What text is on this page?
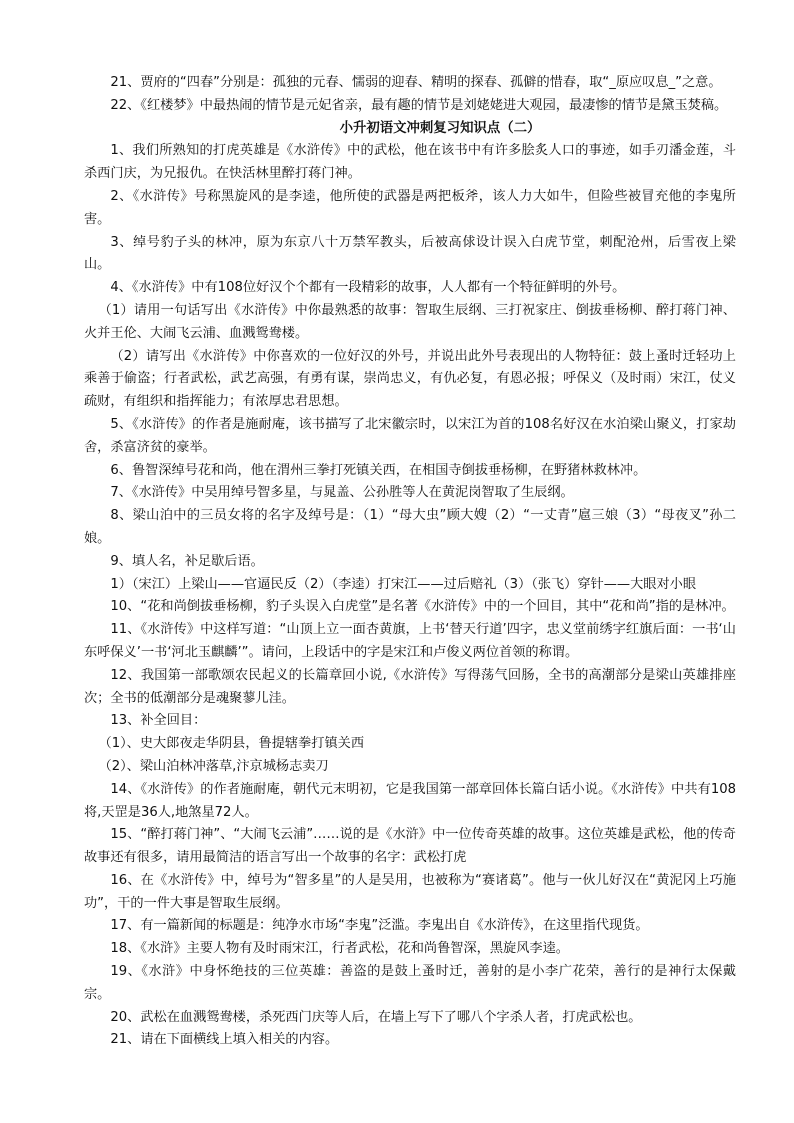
21、贾府的“四春”分别是：孤独的元春、懦弱的迎春、精明的探春、孤僻的惜春，取“_原应叹息_”之意。

22、《红楼梦》中最热闹的情节是元妃省亲，最有趣的情节是刘姥姥进大观园，最凄惨的情节是黛玉焚稿。

小升初语文冲刺复习知识点（二）

1、我们所熟知的打虎英雄是《水浒传》中的武松，他在该书中有许多脍炙人口的事迹，如手刃潘金莲，斗杀西门庆，为兄报仇。在快活林里醉打蒋门神。

2、《水浒传》号称黑旋风的是李逵，他所使的武器是两把板斧，该人力大如牛，但险些被冒充他的李鬼所害。

3、绰号豹子头的林冲，原为东京八十万禁军教头，后被高俅设计误入白虎节堂，刺配沧州，后雪夜上梁山。

4、《水浒传》中有108位好汉个个都有一段精彩的故事，人人都有一个特征鲜明的外号。

（1）请用一句话写出《水浒传》中你最熟悉的故事：智取生辰纲、三打祝家庄、倒拔垂杨柳、醉打蒋门神、火并王伦、大闹飞云浦、血溅鸳鸯楼。

（2）请写出《水浒传》中你喜欢的一位好汉的外号，并说出此外号表现出的人物特征：鼓上蚤时迁轻功上乘善于偷盗；行者武松，武艺高强，有勇有谋，崇尚忠义，有仇必复，有恩必报；呼保义（及时雨）宋江，仗义疏财，有组织和指挥能力；有浓厚忠君思想。

5、《水浒传》的作者是施耐庵，该书描写了北宋徽宗时，以宋江为首的108名好汉在水泊梁山聚义，打家劫舍，杀富济贫的豪举。

6、鲁智深绰号花和尚，他在渭州三拳打死镇关西，在相国寺倒拔垂杨柳，在野猪林救林冲。

7、《水浒传》中吴用绰号智多星，与晁盖、公孙胜等人在黄泥岗智取了生辰纲。

8、梁山泊中的三员女将的名字及绰号是：（1）“母大虫”顾大嫂（2）“一丈青”扈三娘（3）“母夜叉”孙二娘。

9、填人名，补足歇后语。

1）（宋江）上梁山——官逼民反（2）（李逵）打宋江——过后赔礼（3）（张飞）穿针——大眼对小眼

10、“花和尚倒拔垂杨柳，豹子头误入白虎堂”是名著《水浒传》中的一个回目，其中“花和尚”指的是林冲。

11、《水浒传》中这样写道：“山顶上立一面杏黄旗，上书‘替天行道’四字，忠义堂前绣字红旗后面：一书‘山东呼保义’一书‘河北玉麒麟’”。请问，上段话中的字是宋江和卢俊义两位首领的称谓。

12、我国第一部歌颂农民起义的长篇章回小说,《水浒传》写得荡气回肠，全书的高潮部分是梁山英雄排座次；全书的低潮部分是魂聚蓼儿洼。

13、补全回目：

（1）、史大郎夜走华阴县，鲁提辖拳打镇关西

（2）、梁山泊林冲落草,汴京城杨志卖刀

14、《水浒传》的作者施耐庵，朝代元末明初，它是我国第一部章回体长篇白话小说。《水浒传》中共有108将,天罡是36人,地煞星72人。

15、“醉打蒋门神”、“大闹飞云浦”……说的是《水浒》中一位传奇英雄的故事。这位英雄是武松，他的传奇故事还有很多，请用最简洁的语言写出一个故事的名字：武松打虎

16、在《水浒传》中，绰号为“智多星”的人是吴用，也被称为“赛诸葛”。他与一伙儿好汉在“黄泥冈上巧施功”，干的一件大事是智取生辰纲。

17、有一篇新闻的标题是：纯净水市场“李鬼”泛滥。李鬼出自《水浒传》，在这里指代现货。

18、《水浒》主要人物有及时雨宋江，行者武松，花和尚鲁智深，黑旋风李逵。

19、《水浒》中身怀绝技的三位英雄：善盗的是鼓上蚤时迁，善射的是小李广花荣，善行的是神行太保戴宗。

20、武松在血溅鸳鸯楼，杀死西门庆等人后，在墙上写下了哪八个字杀人者，打虎武松也。

21、请在下面横线上填入相关的内容。
